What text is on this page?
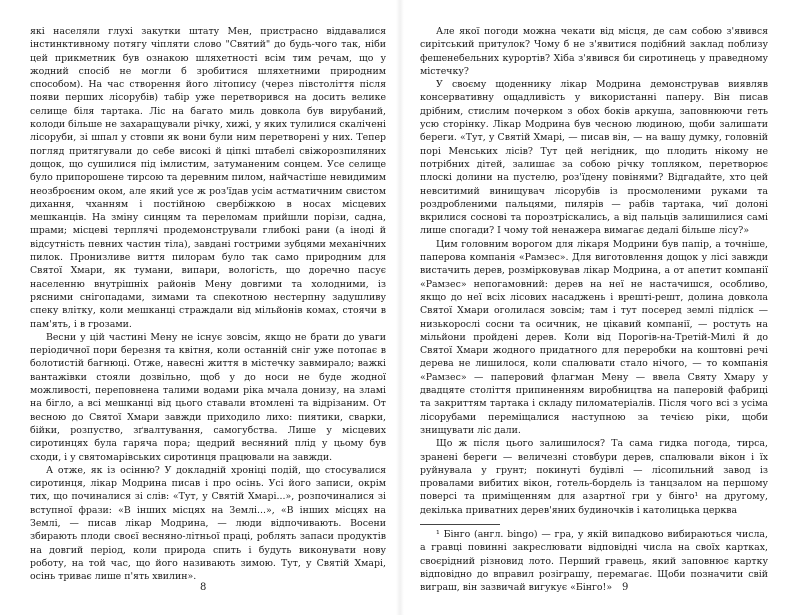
які населяли глухі закутки штату Мен, пристрасно віддавалися інстинктивному потягу чіпляти слово "Святий" до будь-чого так, ніби цей прикметник був ознакою шляхетності всім тим речам, що у жодний спосіб не могли б зробитися шляхетними природним способом). На час створення його літопису (через півстоліття після появи перших лісорубів) табір уже перетворився на досить велике селище біля тартака. Ліс на багато миль довкола був вирубаний, колоди більше не захаращували річку, хижі, у яких тулилися скалічені лісоруби, зі шпал у стовпи як вони були ним перетворені у них. Тепер погляд притягували до себе високі й ціпкі штабелі свіжорозпиляних дощок, що сушилися під імлистим, затуманеним сонцем. Усе селище було припорошене тирсою та деревним пилом, найчастіше невидимим неозброєним оком, але який усе ж роз'їдав усім астматичним свистом дихання, чханням і постійною свербіжкою в носах місцевих мешканців. На зміну синцям та переломам прийшли порізи, садна, шрами; місцеві терплячі продемонстрували глибокі рани (а іноді й відсутність певних частин тіла), завдані гострими зубцями механічних пилок. Пронизливе виття пилорам було так само природним для Святої Хмари, як тумани, випари, вологість, що доречно пасує населенню внутрішніх районів Мену довгими та холодними, із рясними снігопадами, зимами та спекотною нестерпну задушливу спеку влітку, коли мешканці страждали від мільйонів комах, стоячи в пам'ять, і в грозами.

Весни у цій частині Мену не існує зовсім, якщо не брати до уваги періодичної пори березня та квітня, коли останній сніг уже потопає в болотистій багнюці. Отже, навесні життя в містечку завмирало; важкі вантажівки стояли дозвільно, щоб у до носи не буде жодної можливості, переповнена талими водами ріка мчала донизу, на зламі на бігло, а всі мешканці від цього ставали втомлені та відрізаним. От весною до Святої Хмари завжди приходило лихо: пиятики, сварки, бійки, розпуство, зґвалтування, самогубства. Лише у місцевих сиротинцях була гаряча пора; щедрий весняний плід у цьому був сходи, і у святомарівських сиротинця працювали на завжди.

А отже, як із осінню? У докладній хроніці подій, що стосувалися сиротинця, лікар Модрина писав і про осінь. Усі його записи, окрім тих, що починалися зі слів: «Тут, у Святій Хмарі...», розпочиналися зі вступної фрази: «В інших місцях на Землі...», «В інших місцях на Землі, — писав лікар Модрина, — люди відпочивають. Восени збирають плоди своєї весняно-літньої праці, роблять запаси продуктів на довгий період, коли природа спить і будуть виконувати нову роботу, на той час, що його називають зимою. Тут, у Святій Хмарі, осінь триває лише п'ять хвилин».

8

Але якої погоди можна чекати від місця, де сам собою з'явився сирітський притулок? Чому б не з'явитися подібний заклад поблизу фешенебельних курортів? Хіба з'явився би сиротинець у праведному містечку?

У своєму щоденнику лікар Модрина демонстрував виявляв консервативну ощадливість у використанні паперу. Він писав дрібним, стислим почерком з обох боків аркуша, заповнюючи геть усю сторінку. Лікар Модрина був чесною людиною, щоби залишати береги. «Тут, у Святій Хмарі, — писав він, — на вашу думку, головній порі Менських лісів? Тут цей негідник, що плодить нікому не потрібних дітей, залишає за собою річку топляком, перетворює плоскі долини на пустелю, роз'їдену повінями? Відгадайте, хто цей невситимий винищувач лісорубів із просмоленими руками та роздробленими пальцями, пилярів — рабів тартака, чиї долоні вкрилися соснові та порозтріскались, а від пальців залишилися самі лише спогади? І чому той ненажера вимагає дедалі більше лісу?»

Цим головним ворогом для лікаря Модрини був папір, а точніше, паперова компанія «Рамзес». Для виготовлення дощок у лісі завжди вистачить дерев, розмірковував лікар Модрина, а от апетит компанії «Рамзес» непогамовний: дерев на неї не настачишся, особливо, якщо до неї всіх лісових насаджень і врешті-решт, долина довкола Святої Хмари оголилася зовсім; там і тут посеред землі підліск — низькорослі сосни та осичник, не цікавий компанії, — ростуть на мільйони пройдені дерев. Коли від Порогів-на-Третій-Милі й до Святої Хмари жодного придатного для переробки на коштовні речі дерева не лишилося, коли спалювати стало нічого, — то компанія «Рамзес» — паперовий флагман Мену — ввела Святу Хмару у двадцяте століття припиненням виробництва на паперовій фабриці та закриттям тартака і складу пиломатеріалів. Після чого всі з усіма лісорубами переміщалися наступною за течією ріки, щоби знищувати ліс дали.

Що ж після цього залишилося? Та сама гидка погода, тирса, зранені береги — величезні стовбури дерев, спалювали вікон і їх руйнувала у грунт; покинуті будівлі — лісопильний завод із провалами вибитих вікон, готель-бордель із танцзалом на першому поверсі та приміщенням для азартної гри у бінго¹ на другому, декілька приватних дерев'яних будиночків і католицька церква

¹ Бінго (англ. bingo) — гра, у якій випадково вибираються числа, а гравці повинні закреслювати відповідні числа на своїх картках, своєрідний різновид лото. Перший гравець, який заповнює картку відповідно до вправил розіграшу, перемагає. Щоби позначити свій виграш, він зазвичай вигукує «Бінго!» 9
